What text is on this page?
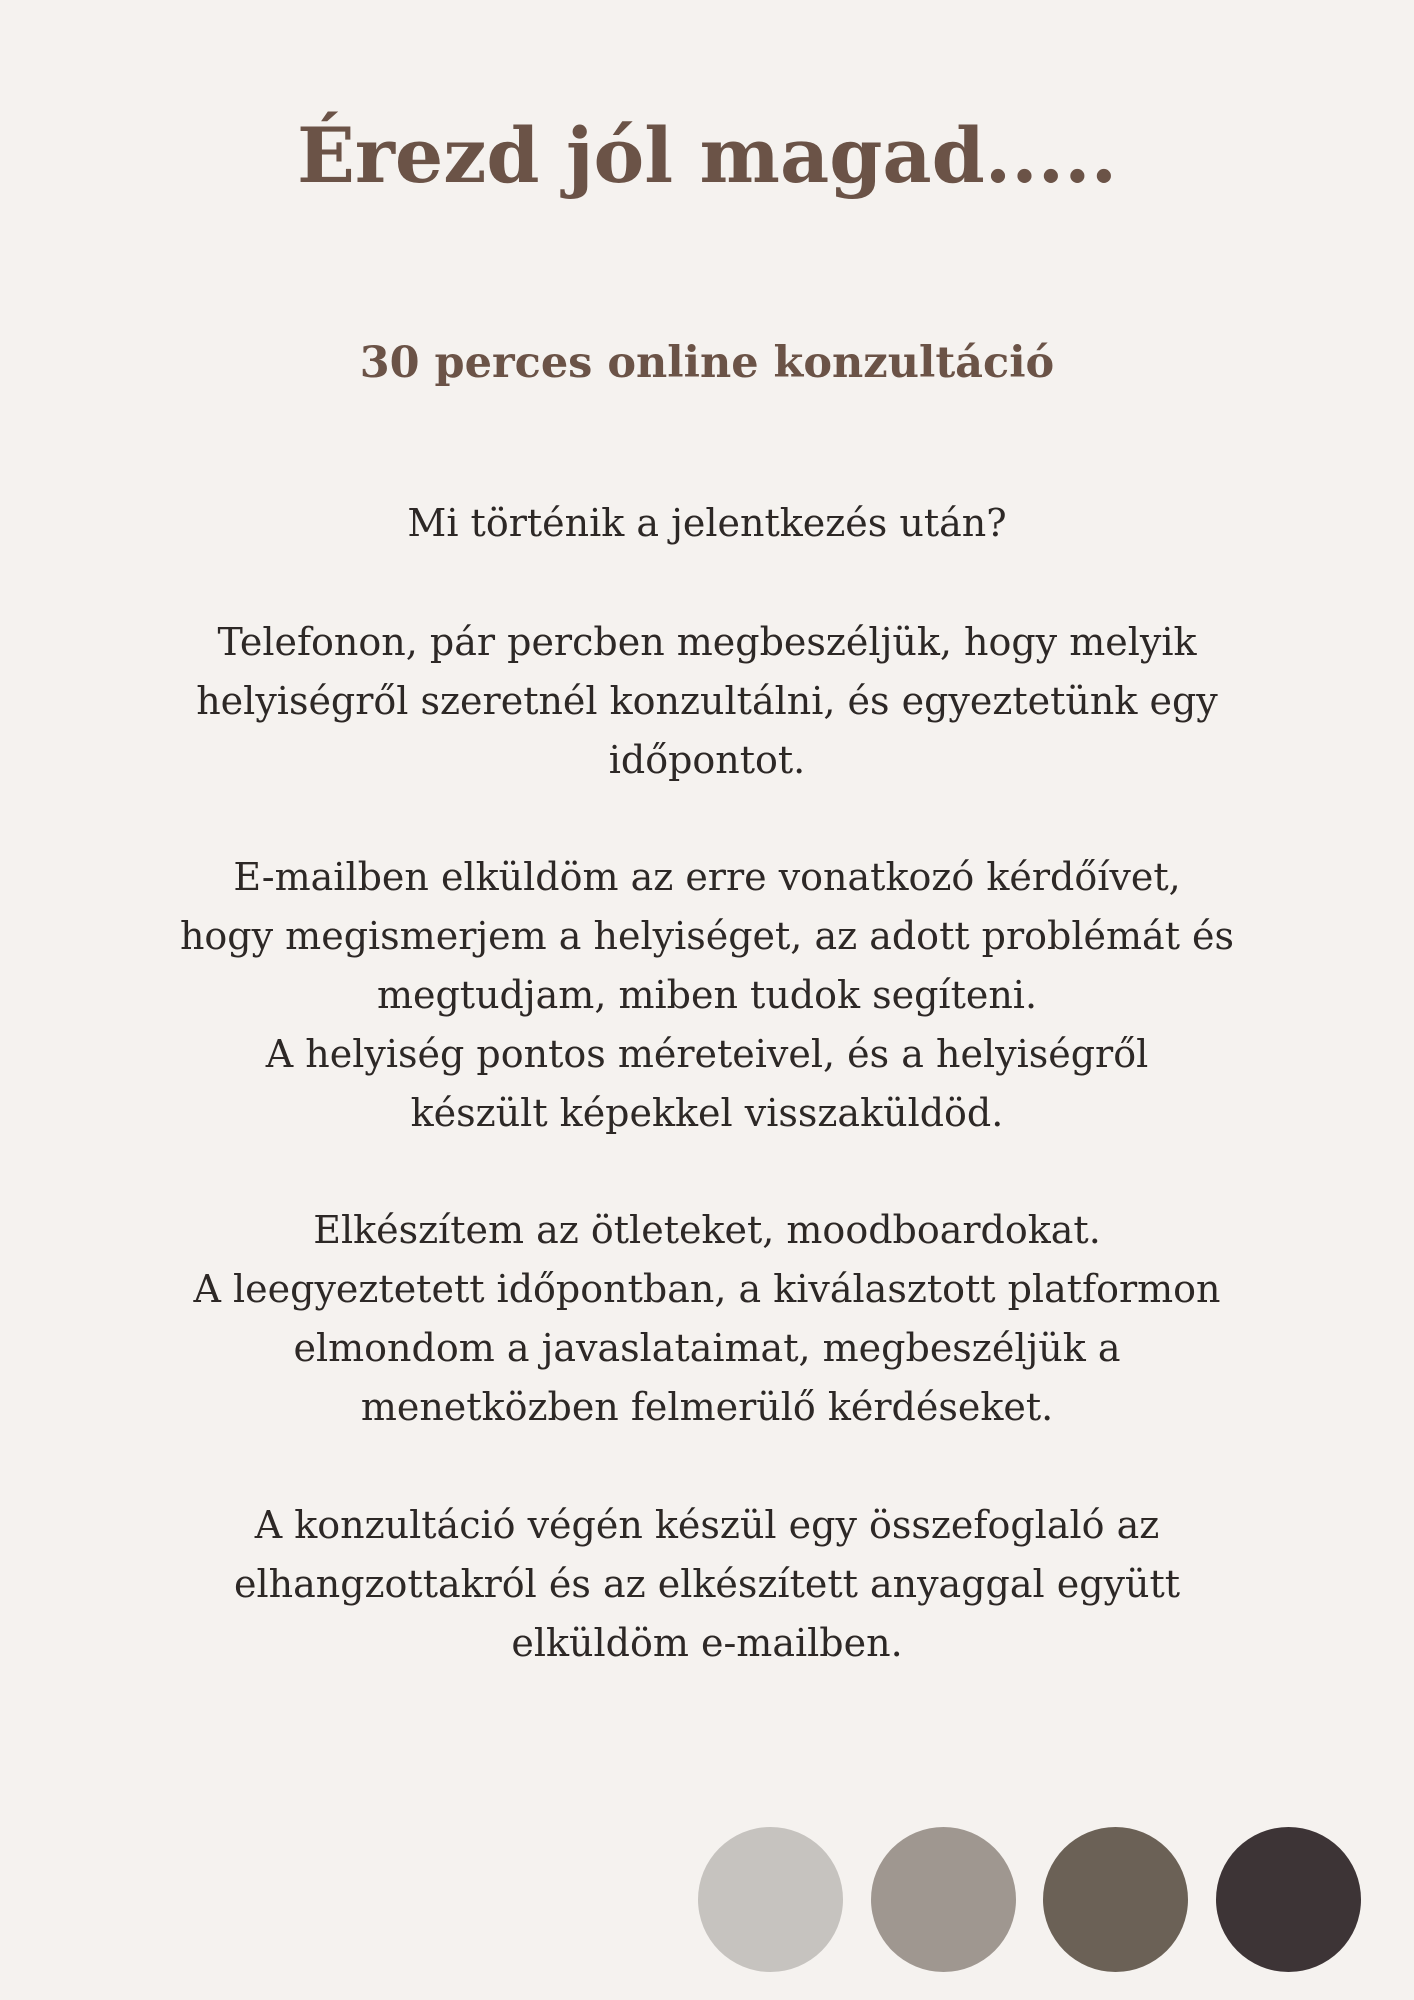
Érezd jól magad.....
30 perces online konzultáció

Mi történik a jelentkezés után?

Telefonon, pár percben megbeszéljük, hogy melyik
helyiségről szeretnél konzultálni, és egyeztetünk egy
időpontot.

E-mailben elküldöm az erre vonatkozó kérdőívet,
hogy megismerjem a helyiséget, az adott problémát és
megtudjam, miben tudok segíteni.
A helyiség pontos méreteivel, és a helyiségről
készült képekkel visszaküldöd.

Elkészítem az ötleteket, moodboardokat.
A leegyeztetett időpontban, a kiválasztott platformon
elmondom a javaslataimat, megbeszéljük a
menetközben felmerülő kérdéseket.

A konzultáció végén készül egy összefoglaló az
elhangzottakról és az elkészített anyaggal együtt
elküldöm e-mailben.
